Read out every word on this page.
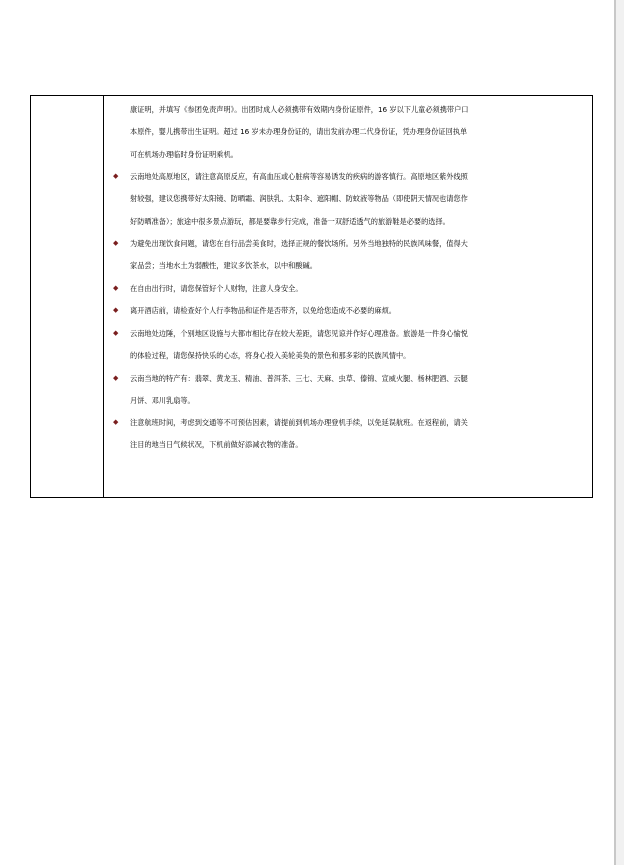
康证明，并填写《参团免责声明》。出团时成人必须携带有效期内身份证原件，16 岁以下儿童必须携带户口
本原件，婴儿携带出生证明。超过 16 岁未办理身份证的，请出发前办理二代身份证，凭办理身份证回执单
可在机场办理临时身份证明乘机。
◆ 云南地处高原地区，请注意高原反应，有高血压或心脏病等容易诱发的疾病的游客慎行。高原地区紫外线照
射较强，建议您携带好太阳镜、防晒霜、润肤乳、太阳伞、遮阳帽、防蚊液等物品（即使阴天情况也请您作
好防晒准备）；旅途中很多景点游玩，都是要靠步行完成，准备一双舒适透气的旅游鞋是必要的选择。
◆ 为避免出现饮食问题，请您在自行品尝美食时，选择正规的餐饮场所。另外当地独特的民族风味餐，值得大
家品尝；当地水土为弱酸性，建议多饮茶水，以中和酸碱。
◆ 在自由出行时，请您保管好个人财物，注意人身安全。
◆ 离开酒店前，请检查好个人行李物品和证件是否带齐，以免给您造成不必要的麻烦。
◆ 云南地处边陲，个别地区设施与大都市相比存在较大差距，请您见谅并作好心理准备。旅游是一件身心愉悦
的体验过程，请您保持快乐的心态，将身心投入美轮美奂的景色和那多彩的民族风情中。
◆ 云南当地的特产有：翡翠、黄龙玉、精油、普洱茶、三七、天麻、虫草、傣锦、宣威火腿、杨林肥酒、云腿
月饼、邓川乳扇等。
◆ 注意航班时间，考虑到交通等不可预估因素，请提前到机场办理登机手续，以免延误航班。在返程前，请关
注目的地当日气候状况，下机前做好添减衣物的准备。
